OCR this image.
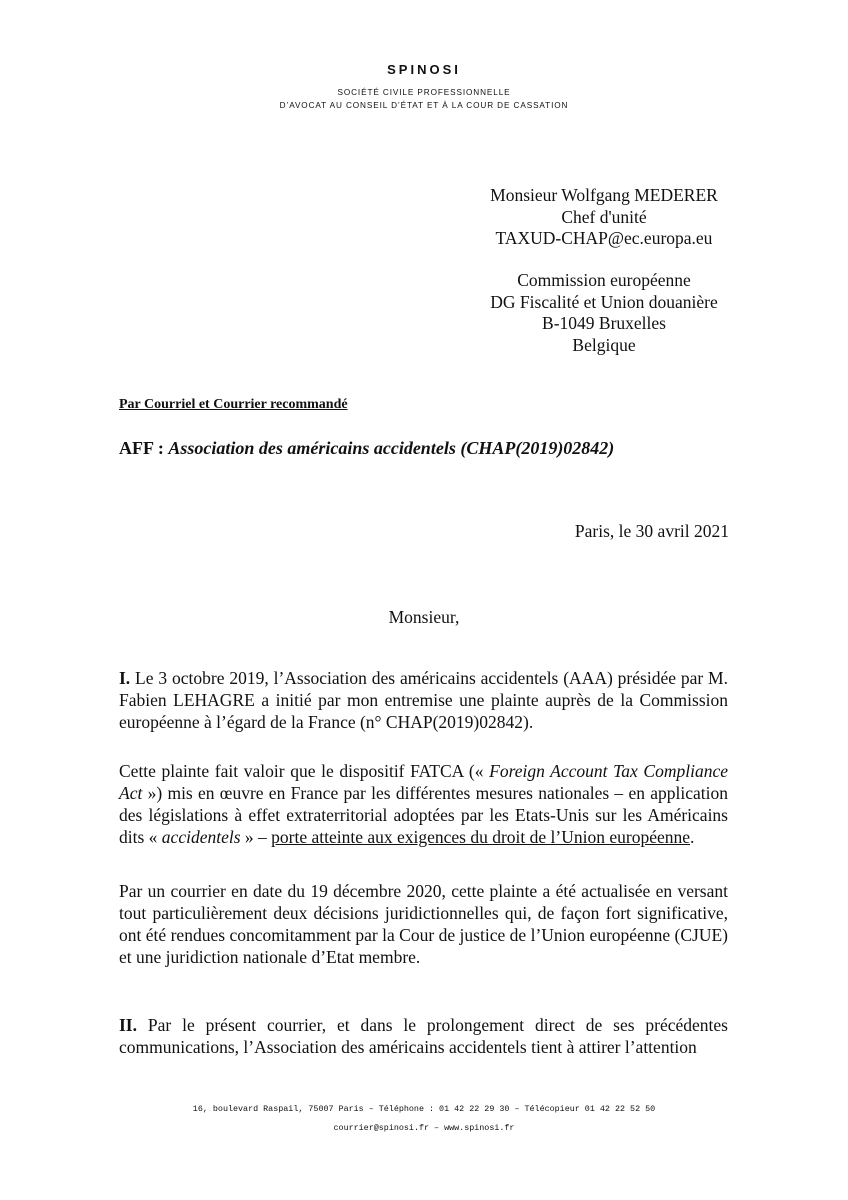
SPINOSI
SOCIÉTÉ CIVILE PROFESSIONNELLE
D’AVOCAT AU CONSEIL D’ÉTAT ET À LA COUR DE CASSATION
Monsieur Wolfgang MEDERER
Chef d'unité
TAXUD-CHAP@ec.europa.eu
Commission européenne
DG Fiscalité et Union douanière
B-1049 Bruxelles
Belgique
Par Courriel et Courrier recommandé
AFF : Association des américains accidentels (CHAP(2019)02842)
Paris, le 30 avril 2021
Monsieur,
I. Le 3 octobre 2019, l’Association des américains accidentels (AAA) présidée par M. Fabien LEHAGRE a initié par mon entremise une plainte auprès de la Commission européenne à l’égard de la France (n° CHAP(2019)02842).
Cette plainte fait valoir que le dispositif FATCA (« Foreign Account Tax Compliance Act ») mis en œuvre en France par les différentes mesures nationales – en application des législations à effet extraterritorial adoptées par les Etats-Unis sur les Américains dits « accidentels » – porte atteinte aux exigences du droit de l’Union européenne.
Par un courrier en date du 19 décembre 2020, cette plainte a été actualisée en versant tout particulièrement deux décisions juridictionnelles qui, de façon fort significative, ont été rendues concomitamment par la Cour de justice de l’Union européenne (CJUE) et une juridiction nationale d’Etat membre.
II. Par le présent courrier, et dans le prolongement direct de ses précédentes communications, l’Association des américains accidentels tient à attirer l’attention
16, boulevard Raspail, 75007 Paris – Téléphone : 01 42 22 29 30 – Télécopieur 01 42 22 52 50
courrier@spinosi.fr – www.spinosi.fr
